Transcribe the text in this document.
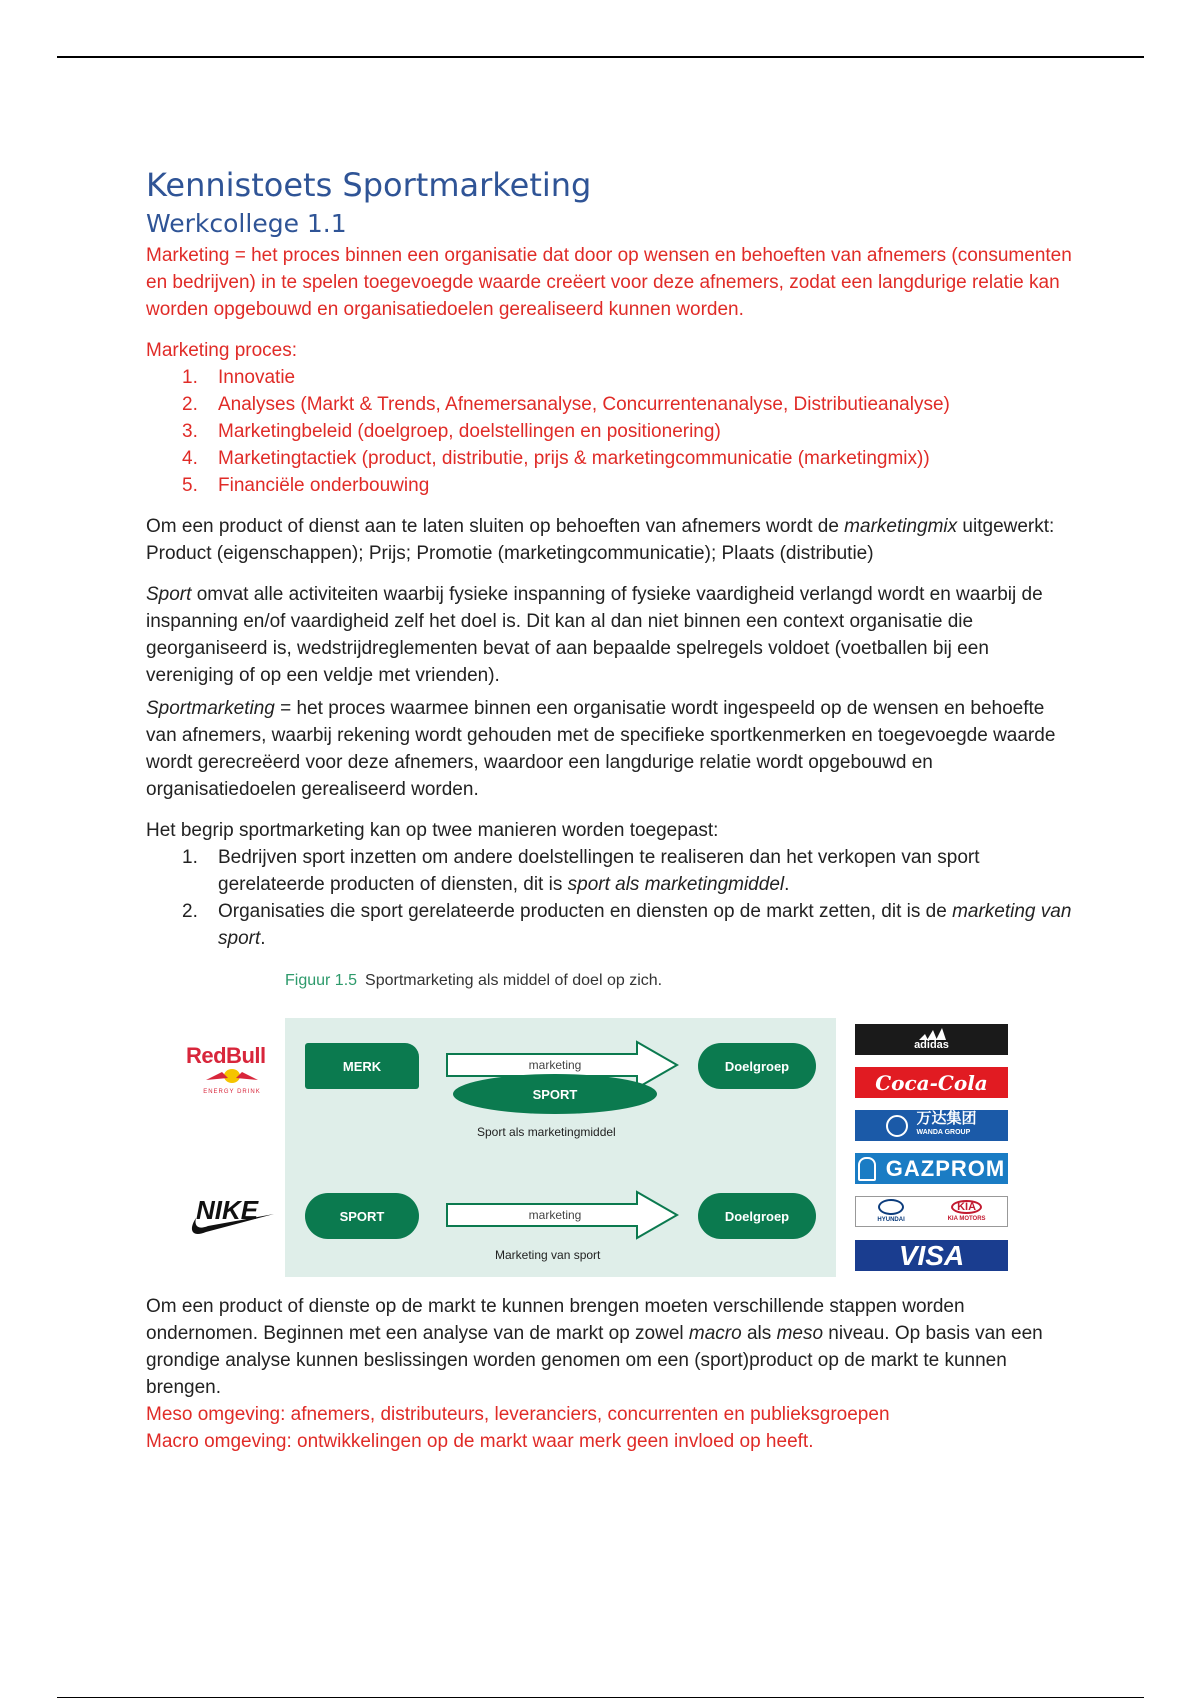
Kennistoets Sportmarketing
Werkcollege 1.1

Marketing = het proces binnen een organisatie dat door op wensen en behoeften van afnemers (consumenten en bedrijven) in te spelen toegevoegde waarde creëert voor deze afnemers, zodat een langdurige relatie kan worden opgebouwd en organisatiedoelen gerealiseerd kunnen worden.

Marketing proces:

1. Innovatie
2. Analyses (Markt & Trends, Afnemersanalyse, Concurrentenanalyse, Distributieanalyse)
3. Marketingbeleid (doelgroep, doelstellingen en positionering)
4. Marketingtactiek (product, distributie, prijs & marketingcommunicatie (marketingmix))
5. Financiële onderbouwing

Om een product of dienst aan te laten sluiten op behoeften van afnemers wordt de marketingmix uitgewerkt: Product (eigenschappen); Prijs; Promotie (marketingcommunicatie); Plaats (distributie)

Sport omvat alle activiteiten waarbij fysieke inspanning of fysieke vaardigheid verlangd wordt en waarbij de inspanning en/of vaardigheid zelf het doel is. Dit kan al dan niet binnen een context organisatie die georganiseerd is, wedstrijdreglementen bevat of aan bepaalde spelregels voldoet (voetballen bij een vereniging of op een veldje met vrienden).

Sportmarketing = het proces waarmee binnen een organisatie wordt ingespeeld op de wensen en behoefte van afnemers, waarbij rekening wordt gehouden met de specifieke sportkenmerken en toegevoegde waarde wordt gerecreëerd voor deze afnemers, waardoor een langdurige relatie wordt opgebouwd en organisatiedoelen gerealiseerd worden.

Het begrip sportmarketing kan op twee manieren worden toegepast:

1. Bedrijven sport inzetten om andere doelstellingen te realiseren dan het verkopen van sport gerelateerde producten of diensten, dit is sport als marketingmiddel.
2. Organisaties die sport gerelateerde producten en diensten op de markt zetten, dit is de marketing van sport.
Figuur 1.5 Sportmarketing als middel of doel op zich.
RedBull
ENERGY DRINK
NIKE
MERK	marketing
SPORT
Doelgroep
Sport als marketingmiddel
SPORT	marketing	Doelgroep
Marketing van sport
adidas
Coca-Cola
万达集团
WANDA GROUP
GAZPROM
HYUNDAI
KIA
KIA MOTORS
VISA

Om een product of dienste op de markt te kunnen brengen moeten verschillende stappen worden ondernomen. Beginnen met een analyse van de markt op zowel macro als meso niveau. Op basis van een grondige analyse kunnen beslissingen worden genomen om een (sport)product op de markt te kunnen brengen.

Meso omgeving: afnemers, distributeurs, leveranciers, concurrenten en publieksgroepen

Macro omgeving: ontwikkelingen op de markt waar merk geen invloed op heeft.
